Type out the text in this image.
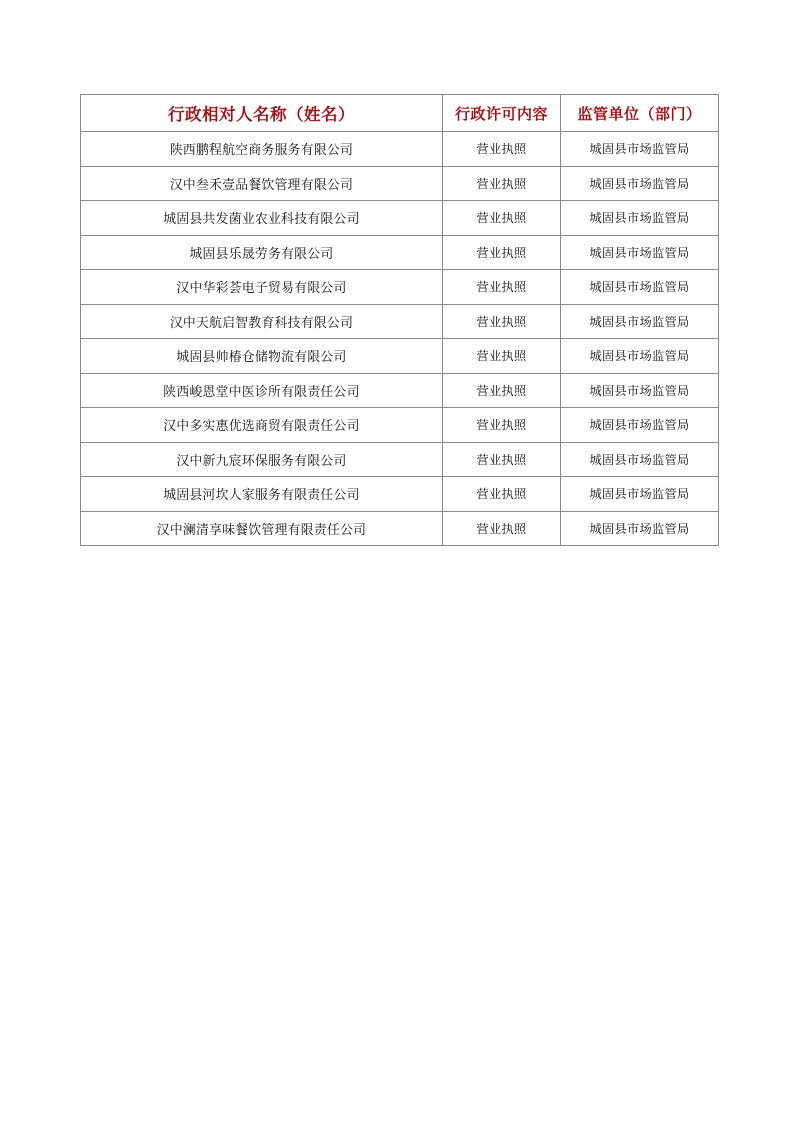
行政相对人名称（姓名）	行政许可内容	监管单位（部门）
陕西鹏程航空商务服务有限公司	营业执照	城固县市场监管局
汉中叁禾壹品餐饮管理有限公司	营业执照	城固县市场监管局
城固县共发菌业农业科技有限公司	营业执照	城固县市场监管局
城固县乐晟劳务有限公司	营业执照	城固县市场监管局
汉中华彩荟电子贸易有限公司	营业执照	城固县市场监管局
汉中天航启智教育科技有限公司	营业执照	城固县市场监管局
城固县帅椿仓储物流有限公司	营业执照	城固县市场监管局
陕西峻恩堂中医诊所有限责任公司	营业执照	城固县市场监管局
汉中多实惠优选商贸有限责任公司	营业执照	城固县市场监管局
汉中新九宸环保服务有限公司	营业执照	城固县市场监管局
城固县河坎人家服务有限责任公司	营业执照	城固县市场监管局
汉中澜清享味餐饮管理有限责任公司	营业执照	城固县市场监管局
